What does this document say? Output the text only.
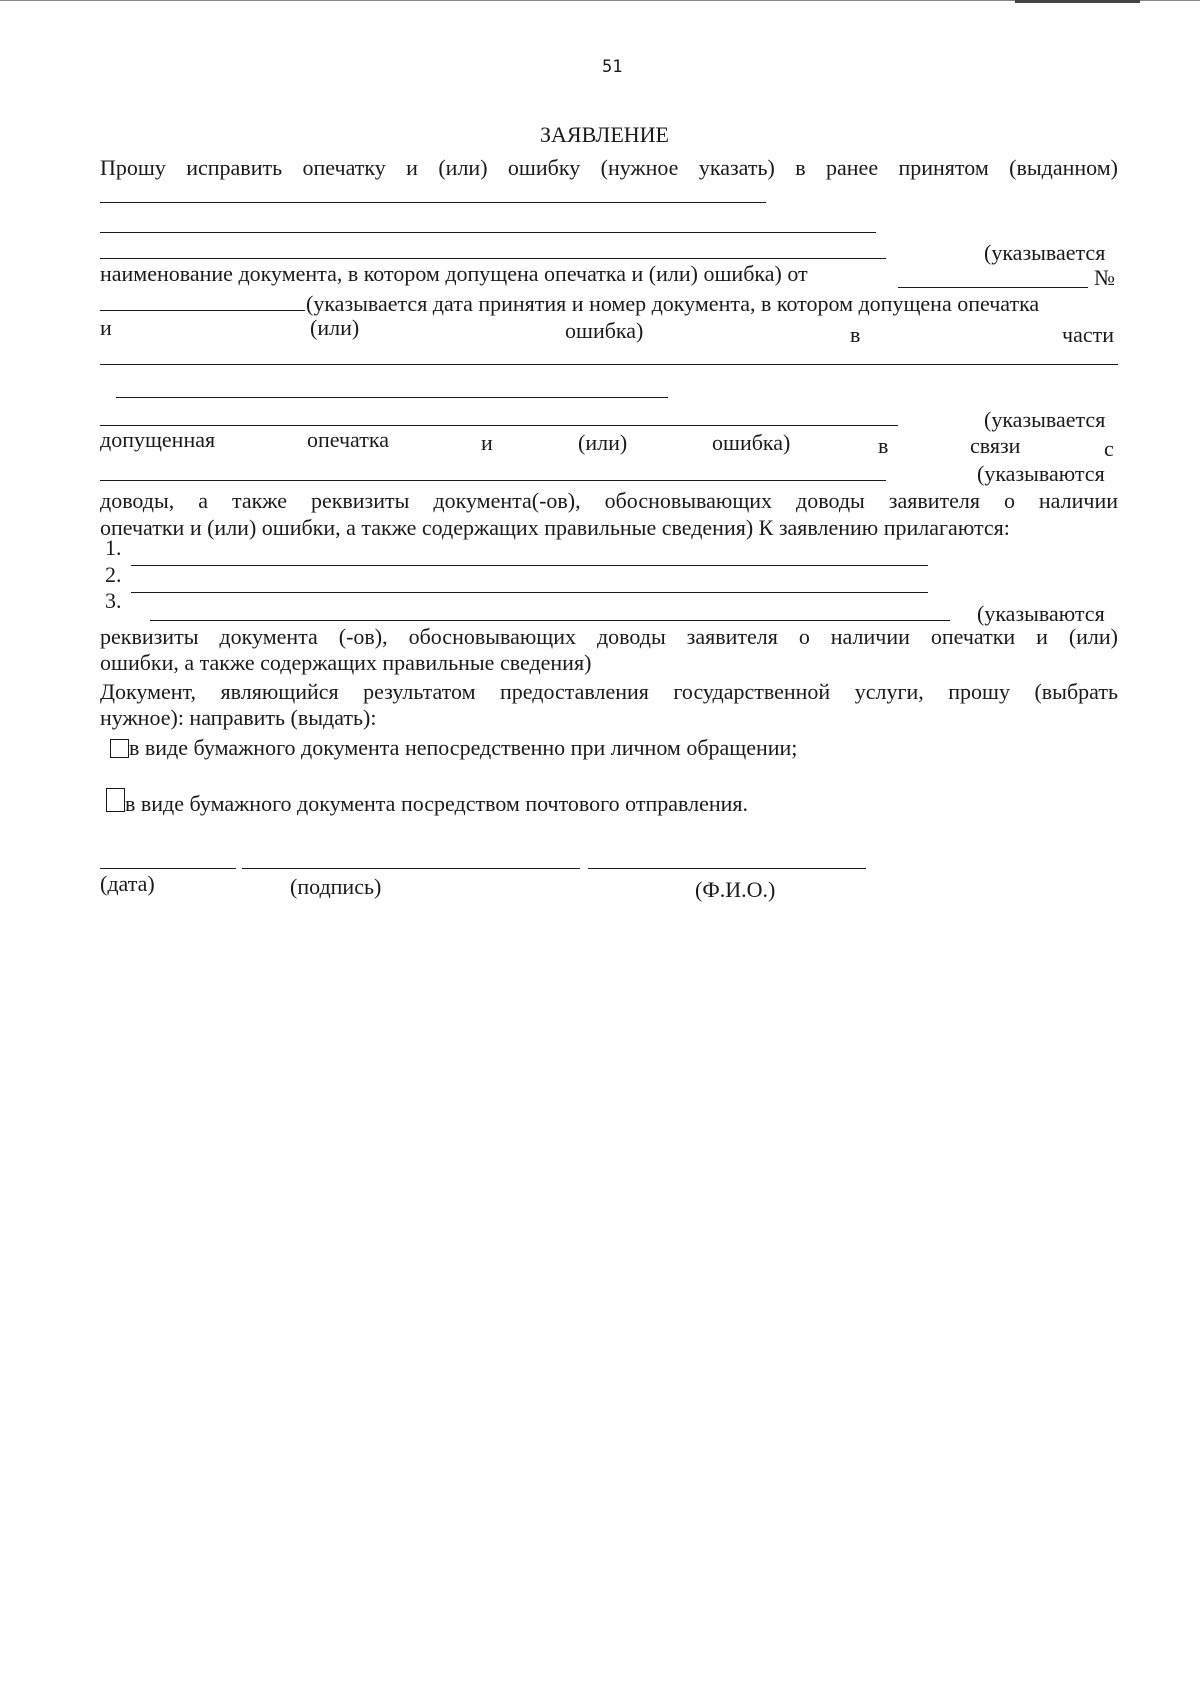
51
ЗАЯВЛЕНИЕ
Прошу исправить опечатку и (или) ошибку (нужное указать) в ранее принятом (выданном)
(указывается
наименование документа, в котором допущена опечатка и (или) ошибка) от	№
(указывается дата принятия и номер документа, в котором допущена опечатка
и	(или)	ошибка)	в	части
(указывается
допущенная	опечатка	и	(или)	ошибка)	в	связи	с
(указываются
доводы, а также реквизиты документа(-ов), обосновывающих доводы заявителя о наличии
опечатки и (или) ошибки, а также содержащих правильные сведения) К заявлению прилагаются:
1.
2.
3.
(указываются
реквизиты документа (-ов), обосновывающих доводы заявителя о наличии опечатки и (или)
ошибки, а также содержащих правильные сведения)
Документ, являющийся результатом предоставления государственной услуги, прошу (выбрать
нужное): направить (выдать):
в виде бумажного документа непосредственно при личном обращении;
в виде бумажного документа посредством почтового отправления.
(дата)	(подпись)	(Ф.И.О.)
